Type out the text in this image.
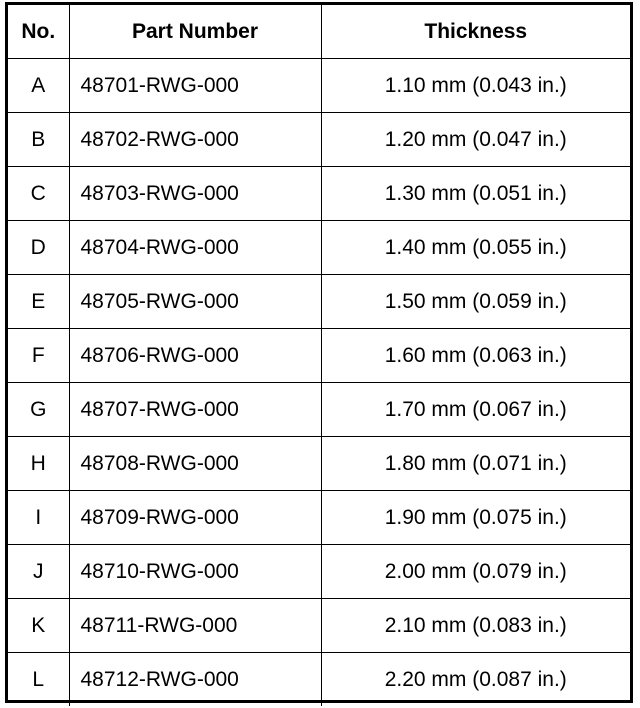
No.	Part Number	Thickness
A	48701-RWG-000	1.10 mm (0.043 in.)
B	48702-RWG-000	1.20 mm (0.047 in.)
C	48703-RWG-000	1.30 mm (0.051 in.)
D	48704-RWG-000	1.40 mm (0.055 in.)
E	48705-RWG-000	1.50 mm (0.059 in.)
F	48706-RWG-000	1.60 mm (0.063 in.)
G	48707-RWG-000	1.70 mm (0.067 in.)
H	48708-RWG-000	1.80 mm (0.071 in.)
I	48709-RWG-000	1.90 mm (0.075 in.)
J	48710-RWG-000	2.00 mm (0.079 in.)
K	48711-RWG-000	2.10 mm (0.083 in.)
L	48712-RWG-000	2.20 mm (0.087 in.)
